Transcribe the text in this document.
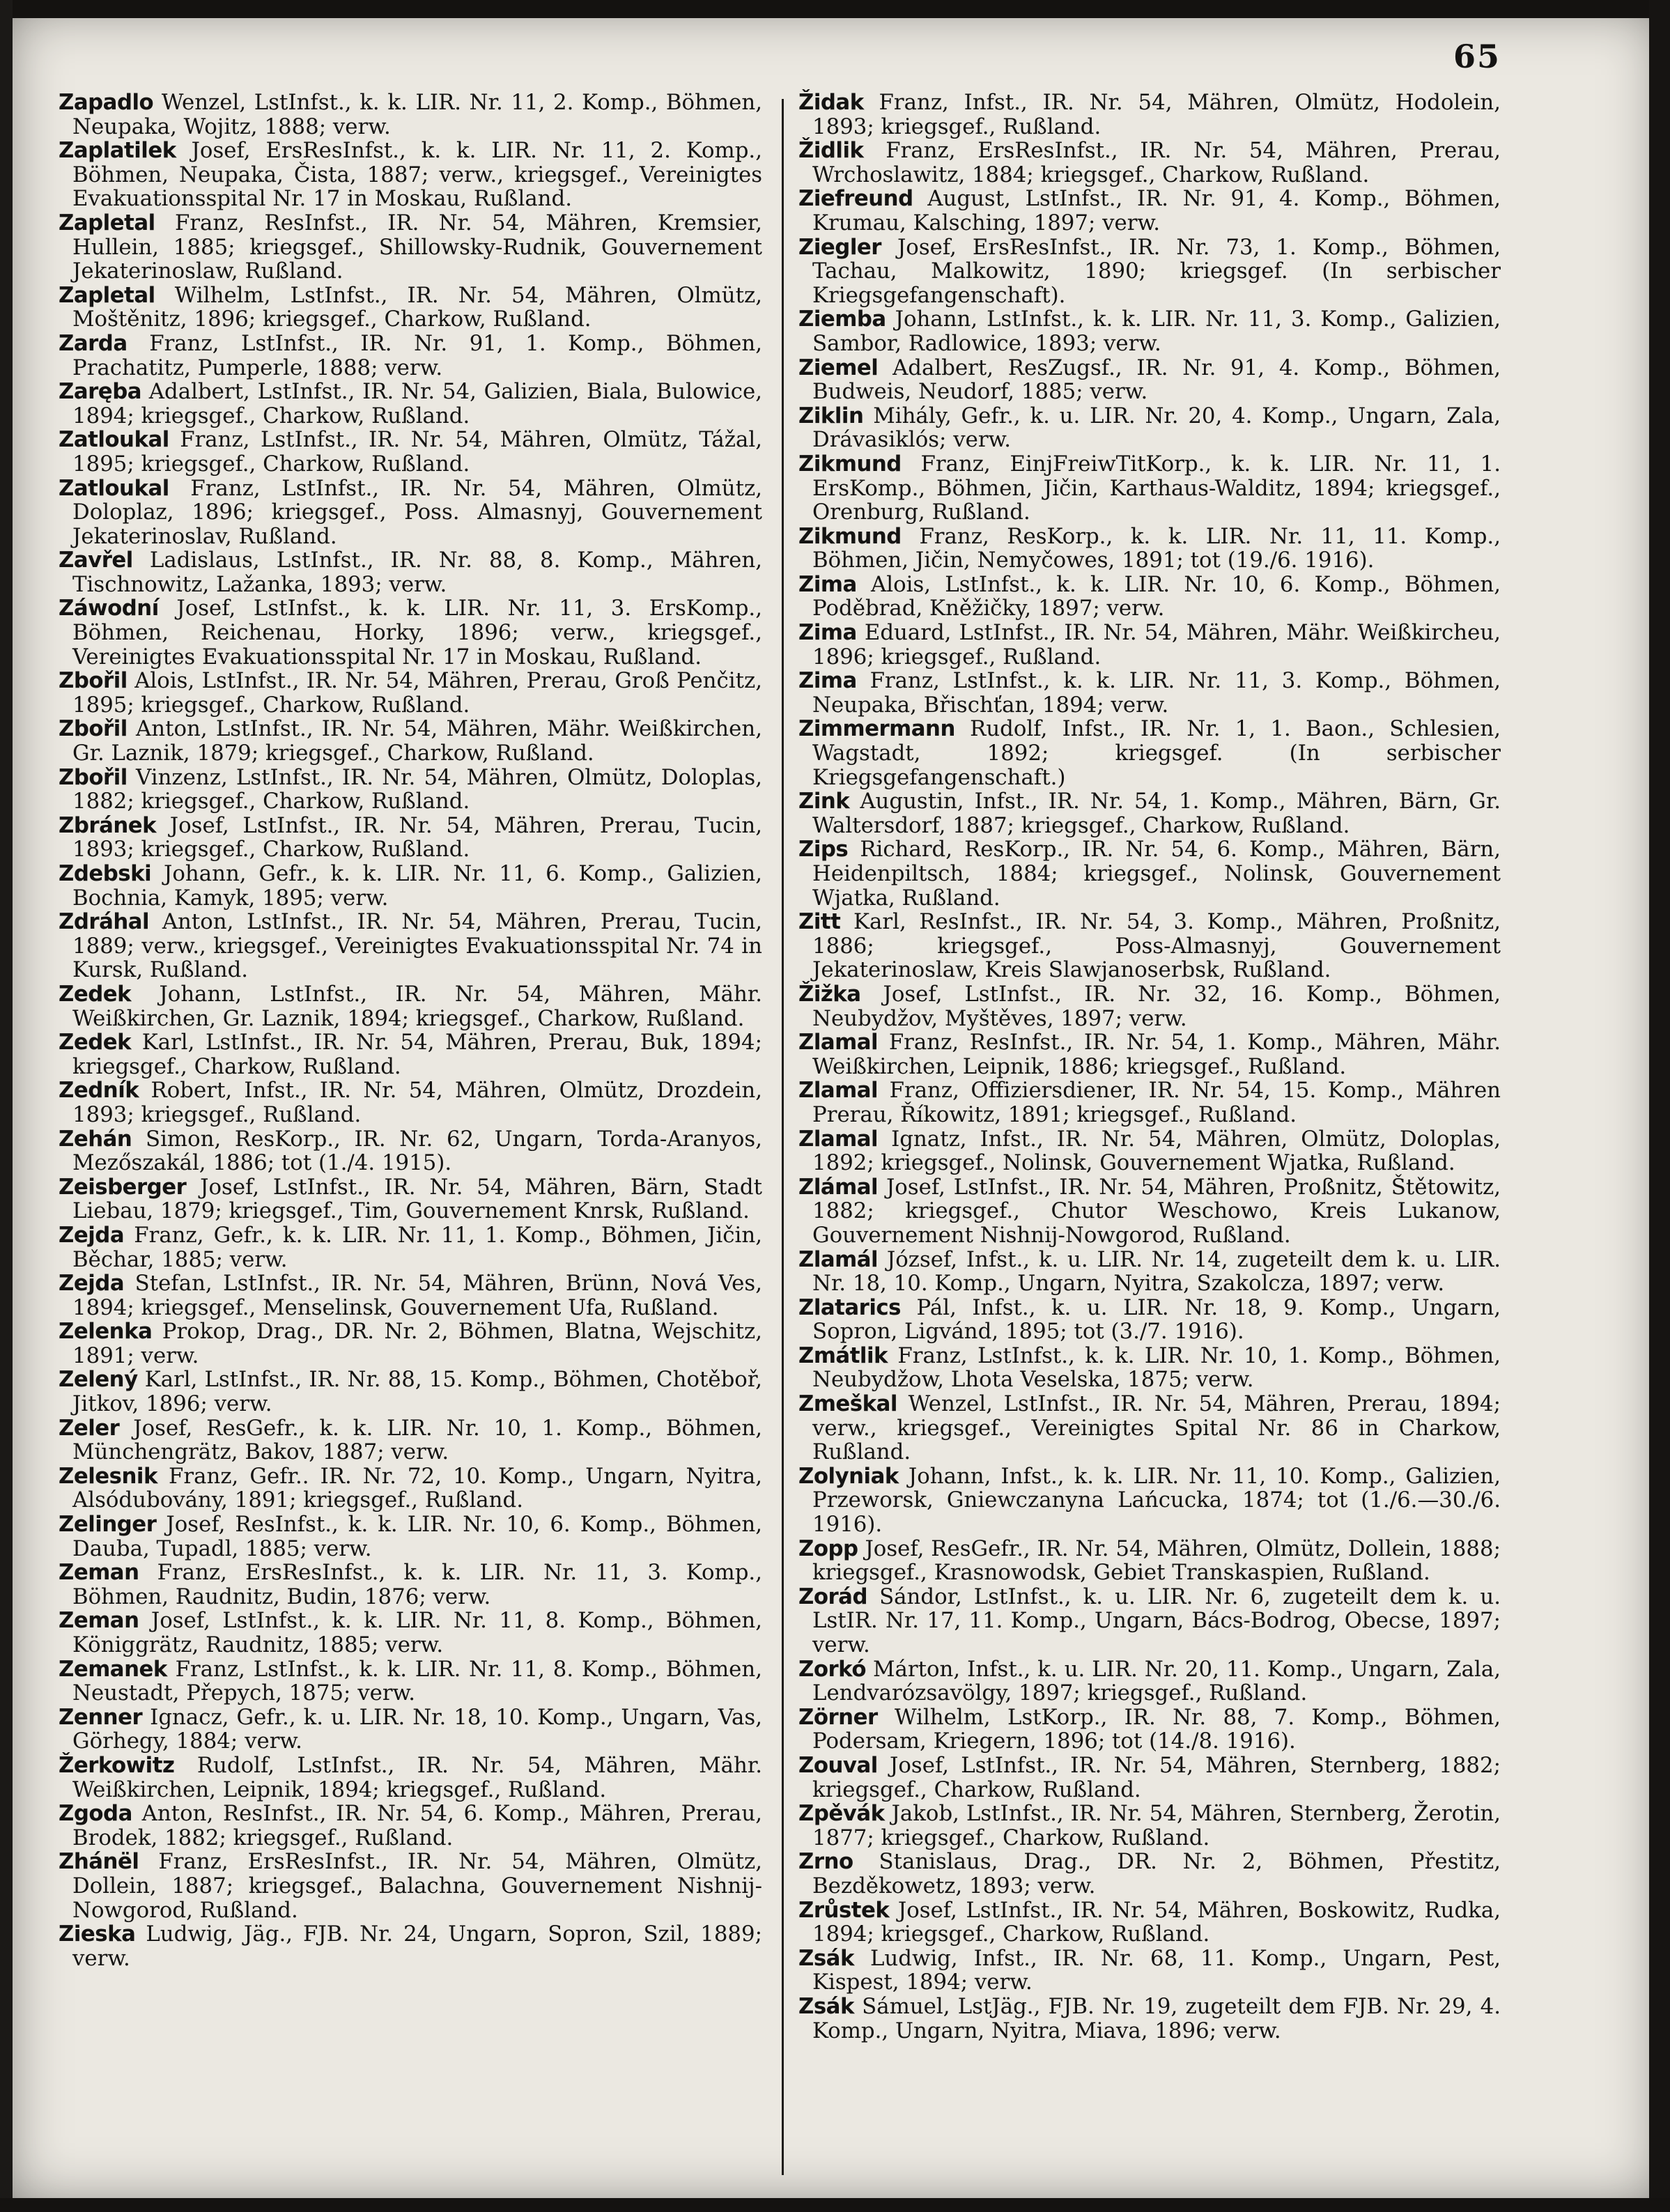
65

Zapadlo Wenzel, LstInfst., k. k. LIR. Nr. 11, 2. Komp., Böhmen, Neupaka, Wojitz, 1888; verw.

Zaplatilek Josef, ErsResInfst., k. k. LIR. Nr. 11, 2. Komp., Böhmen, Neupaka, Čista, 1887; verw., kriegsgef., Vereinigtes Evakuationsspital Nr. 17 in Moskau, Rußland.

Zapletal Franz, ResInfst., IR. Nr. 54, Mähren, Kremsier, Hullein, 1885; kriegsgef., Shillowsky-Rudnik, Gouvernement Jekaterinoslaw, Rußland.

Zapletal Wilhelm, LstInfst., IR. Nr. 54, Mähren, Olmütz, Moštěnitz, 1896; kriegsgef., Charkow, Rußland.

Zarda Franz, LstInfst., IR. Nr. 91, 1. Komp., Böhmen, Prachatitz, Pumperle, 1888; verw.

Zaręba Adalbert, LstInfst., IR. Nr. 54, Galizien, Biala, Bulowice, 1894; kriegsgef., Charkow, Rußland.

Zatloukal Franz, LstInfst., IR. Nr. 54, Mähren, Olmütz, Tážal, 1895; kriegsgef., Charkow, Rußland.

Zatloukal Franz, LstInfst., IR. Nr. 54, Mähren, Olmütz, Doloplaz, 1896; kriegsgef., Poss. Almasnyj, Gouvernement Jekaterinoslav, Rußland.

Zavřel Ladislaus, LstInfst., IR. Nr. 88, 8. Komp., Mähren, Tischnowitz, Lažanka, 1893; verw.

Záwodní Josef, LstInfst., k. k. LIR. Nr. 11, 3. ErsKomp., Böhmen, Reichenau, Horky, 1896; verw., kriegsgef., Vereinigtes Evakuationsspital Nr. 17 in Moskau, Rußland.

Zbořil Alois, LstInfst., IR. Nr. 54, Mähren, Prerau, Groß Penčitz, 1895; kriegsgef., Charkow, Rußland.

Zbořil Anton, LstInfst., IR. Nr. 54, Mähren, Mähr. Weißkirchen, Gr. Laznik, 1879; kriegsgef., Charkow, Rußland.

Zbořil Vinzenz, LstInfst., IR. Nr. 54, Mähren, Olmütz, Doloplas, 1882; kriegsgef., Charkow, Rußland.

Zbránek Josef, LstInfst., IR. Nr. 54, Mähren, Prerau, Tucin, 1893; kriegsgef., Charkow, Rußland.

Zdebski Johann, Gefr., k. k. LIR. Nr. 11, 6. Komp., Galizien, Bochnia, Kamyk, 1895; verw.

Zdráhal Anton, LstInfst., IR. Nr. 54, Mähren, Prerau, Tucin, 1889; verw., kriegsgef., Vereinigtes Evakuationsspital Nr. 74 in Kursk, Rußland.

Zedek Johann, LstInfst., IR. Nr. 54, Mähren, Mähr. Weißkirchen, Gr. Laznik, 1894; kriegsgef., Charkow, Rußland.

Zedek Karl, LstInfst., IR. Nr. 54, Mähren, Prerau, Buk, 1894; kriegsgef., Charkow, Rußland.

Zedník Robert, Infst., IR. Nr. 54, Mähren, Olmütz, Drozdein, 1893; kriegsgef., Rußland.

Zehán Simon, ResKorp., IR. Nr. 62, Ungarn, Torda-Aranyos, Mezőszakál, 1886; tot (1./4. 1915).

Zeisberger Josef, LstInfst., IR. Nr. 54, Mähren, Bärn, Stadt Liebau, 1879; kriegsgef., Tim, Gouvernement Knrsk, Rußland.

Zejda Franz, Gefr., k. k. LIR. Nr. 11, 1. Komp., Böhmen, Jičin, Běchar, 1885; verw.

Zejda Stefan, LstInfst., IR. Nr. 54, Mähren, Brünn, Nová Ves, 1894; kriegsgef., Menselinsk, Gouvernement Ufa, Rußland.

Zelenka Prokop, Drag., DR. Nr. 2, Böhmen, Blatna, Wejschitz, 1891; verw.

Zelený Karl, LstInfst., IR. Nr. 88, 15. Komp., Böhmen, Chotěboř, Jitkov, 1896; verw.

Zeler Josef, ResGefr., k. k. LIR. Nr. 10, 1. Komp., Böhmen, Münchengrätz, Bakov, 1887; verw.

Zelesnik Franz, Gefr.. IR. Nr. 72, 10. Komp., Ungarn, Nyitra, Alsódubovány, 1891; kriegsgef., Rußland.

Zelinger Josef, ResInfst., k. k. LIR. Nr. 10, 6. Komp., Böhmen, Dauba, Tupadl, 1885; verw.

Zeman Franz, ErsResInfst., k. k. LIR. Nr. 11, 3. Komp., Böhmen, Raudnitz, Budin, 1876; verw.

Zeman Josef, LstInfst., k. k. LIR. Nr. 11, 8. Komp., Böhmen, Königgrätz, Raudnitz, 1885; verw.

Zemanek Franz, LstInfst., k. k. LIR. Nr. 11, 8. Komp., Böhmen, Neustadt, Přepych, 1875; verw.

Zenner Ignacz, Gefr., k. u. LIR. Nr. 18, 10. Komp., Ungarn, Vas, Görhegy, 1884; verw.

Žerkowitz Rudolf, LstInfst., IR. Nr. 54, Mähren, Mähr. Weißkirchen, Leipnik, 1894; kriegsgef., Rußland.

Zgoda Anton, ResInfst., IR. Nr. 54, 6. Komp., Mähren, Prerau, Brodek, 1882; kriegsgef., Rußland.

Zhánël Franz, ErsResInfst., IR. Nr. 54, Mähren, Olmütz, Dollein, 1887; kriegsgef., Balachna, Gouvernement Nishnij-Nowgorod, Rußland.

Zieska Ludwig, Jäg., FJB. Nr. 24, Ungarn, Sopron, Szil, 1889; verw.

Židak Franz, Infst., IR. Nr. 54, Mähren, Olmütz, Hodolein, 1893; kriegsgef., Rußland.

Židlik Franz, ErsResInfst., IR. Nr. 54, Mähren, Prerau, Wrchoslawitz, 1884; kriegsgef., Charkow, Rußland.

Ziefreund August, LstInfst., IR. Nr. 91, 4. Komp., Böhmen, Krumau, Kalsching, 1897; verw.

Ziegler Josef, ErsResInfst., IR. Nr. 73, 1. Komp., Böhmen, Tachau, Malkowitz, 1890; kriegsgef. (In serbischer Kriegsgefangenschaft).

Ziemba Johann, LstInfst., k. k. LIR. Nr. 11, 3. Komp., Galizien, Sambor, Radlowice, 1893; verw.

Ziemel Adalbert, ResZugsf., IR. Nr. 91, 4. Komp., Böhmen, Budweis, Neudorf, 1885; verw.

Ziklin Mihály, Gefr., k. u. LIR. Nr. 20, 4. Komp., Ungarn, Zala, Drávasiklós; verw.

Zikmund Franz, EinjFreiwTitKorp., k. k. LIR. Nr. 11, 1. ErsKomp., Böhmen, Jičin, Karthaus-Walditz, 1894; kriegsgef., Orenburg, Rußland.

Zikmund Franz, ResKorp., k. k. LIR. Nr. 11, 11. Komp., Böhmen, Jičin, Nemyčowes, 1891; tot (19./6. 1916).

Zima Alois, LstInfst., k. k. LIR. Nr. 10, 6. Komp., Böhmen, Poděbrad, Kněžičky, 1897; verw.

Zima Eduard, LstInfst., IR. Nr. 54, Mähren, Mähr. Weißkircheu, 1896; kriegsgef., Rußland.

Zima Franz, LstInfst., k. k. LIR. Nr. 11, 3. Komp., Böhmen, Neupaka, Břischťan, 1894; verw.

Zimmermann Rudolf, Infst., IR. Nr. 1, 1. Baon., Schlesien, Wagstadt, 1892; kriegsgef. (In serbischer Kriegsgefangenschaft.)

Zink Augustin, Infst., IR. Nr. 54, 1. Komp., Mähren, Bärn, Gr. Waltersdorf, 1887; kriegsgef., Charkow, Rußland.

Zips Richard, ResKorp., IR. Nr. 54, 6. Komp., Mähren, Bärn, Heidenpiltsch, 1884; kriegsgef., Nolinsk, Gouvernement Wjatka, Rußland.

Zitt Karl, ResInfst., IR. Nr. 54, 3. Komp., Mähren, Proßnitz, 1886; kriegsgef., Poss-Almasnyj, Gouvernement Jekaterinoslaw, Kreis Slawjanoserbsk, Rußland.

Žižka Josef, LstInfst., IR. Nr. 32, 16. Komp., Böhmen, Neubydžov, Myštěves, 1897; verw.

Zlamal Franz, ResInfst., IR. Nr. 54, 1. Komp., Mähren, Mähr. Weißkirchen, Leipnik, 1886; kriegsgef., Rußland.

Zlamal Franz, Offiziersdiener, IR. Nr. 54, 15. Komp., Mähren Prerau, Říkowitz, 1891; kriegsgef., Rußland.

Zlamal Ignatz, Infst., IR. Nr. 54, Mähren, Olmütz, Doloplas, 1892; kriegsgef., Nolinsk, Gouvernement Wjatka, Rußland.

Zlámal Josef, LstInfst., IR. Nr. 54, Mähren, Proßnitz, Štětowitz, 1882; kriegsgef., Chutor Weschowo, Kreis Lukanow, Gouvernement Nishnij-Nowgorod, Rußland.

Zlamál József, Infst., k. u. LIR. Nr. 14, zugeteilt dem k. u. LIR. Nr. 18, 10. Komp., Ungarn, Nyitra, Szakolcza, 1897; verw.

Zlatarics Pál, Infst., k. u. LIR. Nr. 18, 9. Komp., Ungarn, Sopron, Ligvánd, 1895; tot (3./7. 1916).

Zmátlik Franz, LstInfst., k. k. LIR. Nr. 10, 1. Komp., Böhmen, Neubydžow, Lhota Veselska, 1875; verw.

Zmeškal Wenzel, LstInfst., IR. Nr. 54, Mähren, Prerau, 1894; verw., kriegsgef., Vereinigtes Spital Nr. 86 in Charkow, Rußland.

Zolyniak Johann, Infst., k. k. LIR. Nr. 11, 10. Komp., Galizien, Przeworsk, Gniewczanyna Lańcucka, 1874; tot (1./6.—30./6. 1916).

Zopp Josef, ResGefr., IR. Nr. 54, Mähren, Olmütz, Dollein, 1888; kriegsgef., Krasnowodsk, Gebiet Transkaspien, Rußland.

Zorád Sándor, LstInfst., k. u. LIR. Nr. 6, zugeteilt dem k. u. LstIR. Nr. 17, 11. Komp., Ungarn, Bács-Bodrog, Obecse, 1897; verw.

Zorkó Márton, Infst., k. u. LIR. Nr. 20, 11. Komp., Ungarn, Zala, Lendvarózsavölgy, 1897; kriegsgef., Rußland.

Zörner Wilhelm, LstKorp., IR. Nr. 88, 7. Komp., Böhmen, Podersam, Kriegern, 1896; tot (14./8. 1916).

Zouval Josef, LstInfst., IR. Nr. 54, Mähren, Sternberg, 1882; kriegsgef., Charkow, Rußland.

Zpěvák Jakob, LstInfst., IR. Nr. 54, Mähren, Sternberg, Žerotin, 1877; kriegsgef., Charkow, Rußland.

Zrno Stanislaus, Drag., DR. Nr. 2, Böhmen, Přestitz, Bezděkowetz, 1893; verw.

Zrůstek Josef, LstInfst., IR. Nr. 54, Mähren, Boskowitz, Rudka, 1894; kriegsgef., Charkow, Rußland.

Zsák Ludwig, Infst., IR. Nr. 68, 11. Komp., Ungarn, Pest, Kispest, 1894; verw.

Zsák Sámuel, LstJäg., FJB. Nr. 19, zugeteilt dem FJB. Nr. 29, 4. Komp., Ungarn, Nyitra, Miava, 1896; verw.
